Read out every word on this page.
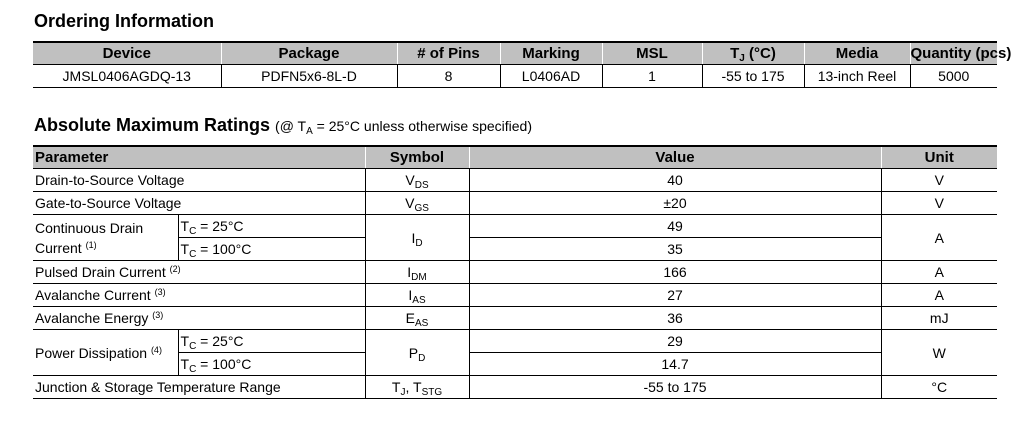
Ordering Information
Device	Package	# of Pins	Marking	MSL	$T_J$ (°C)	Media	Quantity (pcs)
JMSL0406AGDQ-13	PDFN5x6-8L-D	8	L0406AD	1	-55 to 175	13-inch Reel	5000
Absolute Maximum Ratings (@ $T_A = 25^\circ C$ unless otherwise specified)
Parameter		Symbol	Value	Unit
Drain-to-Source Voltage		$V_{DS}$	40	V
Gate-to-Source Voltage		$V_{GS}$	±20	V
Continuous Drain
Current $^{(1)}$	$T_C = 25^\circ C$	$I_D$	49	A
	$T_C = 100^\circ C$		35	
Pulsed Drain Current $^{(2)}$		$I_{DM}$	166	A
Avalanche Current $^{(3)}$		$I_{AS}$	27	A
Avalanche Energy $^{(3)}$		$E_{AS}$	36	mJ
Power Dissipation $^{(4)}$	$T_C = 25^\circ C$	$P_D$	29	W
	$T_C = 100^\circ C$		14.7	
Junction & Storage Temperature Range		$T_J$, $T_{STG}$	-55 to 175	°C
